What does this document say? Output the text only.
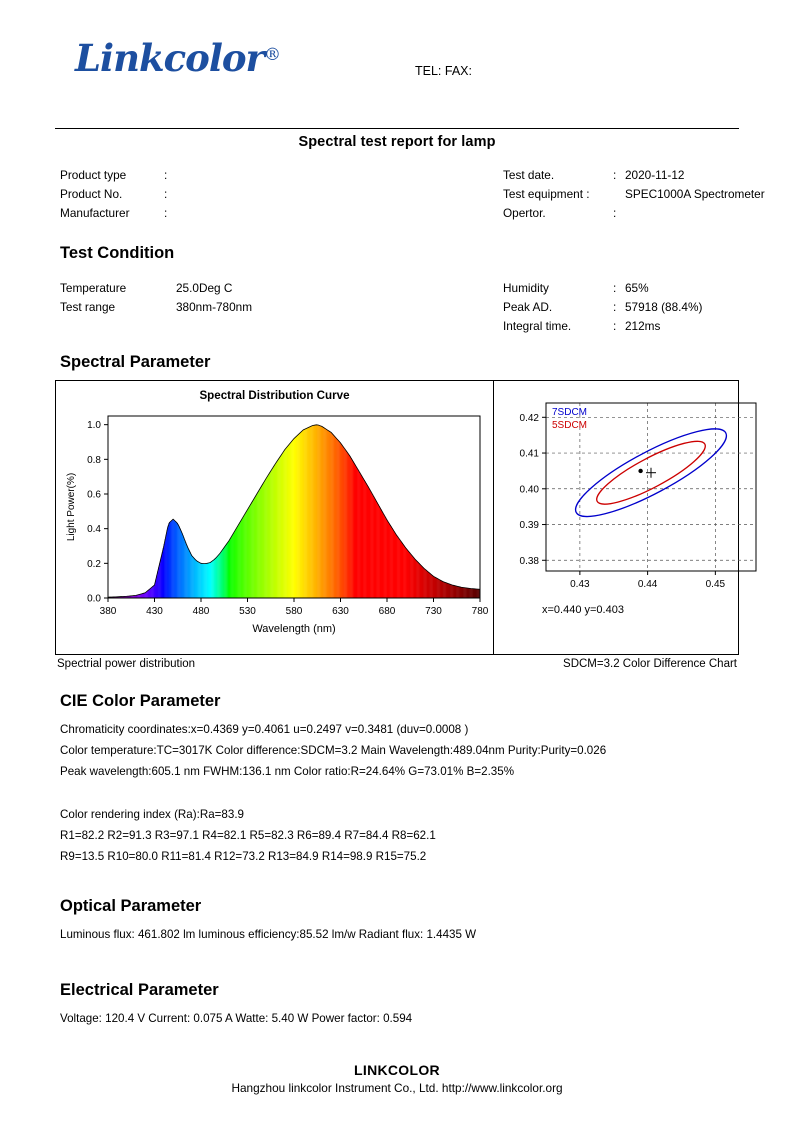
Linkcolor®
TEL: FAX:
Spectral test report for lamp
Product type	:
Product No.	:
Manufacturer	:
Test date.	: 2020-11-12
Test equipment :	SPEC1000A Spectrometer
Opertor.	:
Test Condition
Temperature	25.0Deg C
Test range	380nm-780nm
Humidity	: 65%
Peak AD.	: 57918 (88.4%)
Integral time.	: 212ms
Spectral Parameter
Spectral Distribution Curve
380	430	480	530	580	630	680	730	780
0.0
0.2
0.4
0.6
0.8
1.0
Wavelength (nm)
Light Power(%)
0.43	0.44	0.45
0.38
0.39
0.40
0.41
0.42
7SDCM
5SDCM
x=0.440 y=0.403
Spectrial power distribution	SDCM=3.2 Color Difference Chart
CIE Color Parameter
Chromaticity coordinates:x=0.4369 y=0.4061 u=0.2497 v=0.3481 (duv=0.0008 )
Color temperature:TC=3017K Color difference:SDCM=3.2 Main Wavelength:489.04nm Purity:Purity=0.026
Peak wavelength:605.1 nm FWHM:136.1 nm Color ratio:R=24.64% G=73.01% B=2.35%
Color rendering index (Ra):Ra=83.9
R1=82.2 R2=91.3 R3=97.1 R4=82.1 R5=82.3 R6=89.4 R7=84.4 R8=62.1
R9=13.5 R10=80.0 R11=81.4 R12=73.2 R13=84.9 R14=98.9 R15=75.2
Optical Parameter
Luminous flux: 461.802 lm luminous efficiency:85.52 lm/w Radiant flux: 1.4435 W
Electrical Parameter
Voltage: 120.4 V Current: 0.075 A Watte: 5.40 W Power factor: 0.594
LINKCOLOR
Hangzhou linkcolor Instrument Co., Ltd. http://www.linkcolor.org
